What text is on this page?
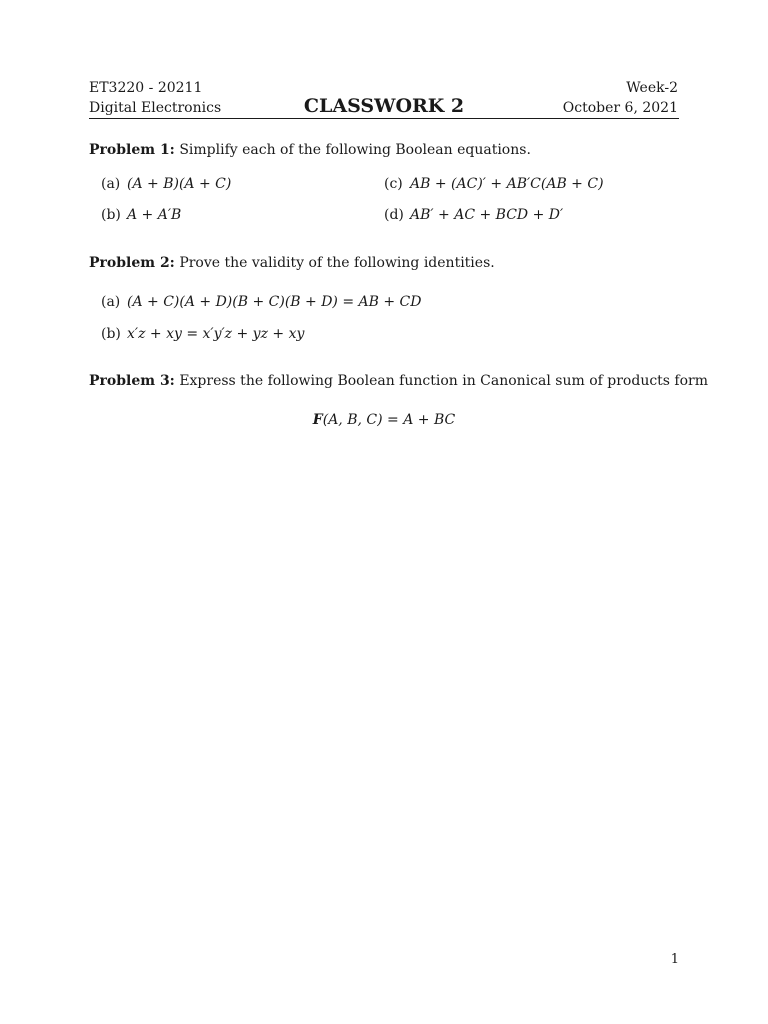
ET3220 - 20211
Digital Electronics	CLASSWORK 2
Week-2
October 6, 2021
Problem 1: Simplify each of the following Boolean equations.
(a) (A + B)(A + C)
(b) A + A′B
(c) AB + (AC)′ + AB′C(AB + C)
(d) AB′ + AC + BCD + D′
Problem 2: Prove the validity of the following identities.
(a) (A + C)(A + D)(B + C)(B + D) = AB + CD
(b) x′z + xy = x′y′z + yz + xy
Problem 3: Express the following Boolean function in Canonical sum of products form
F(A, B, C) = A + BC
1
